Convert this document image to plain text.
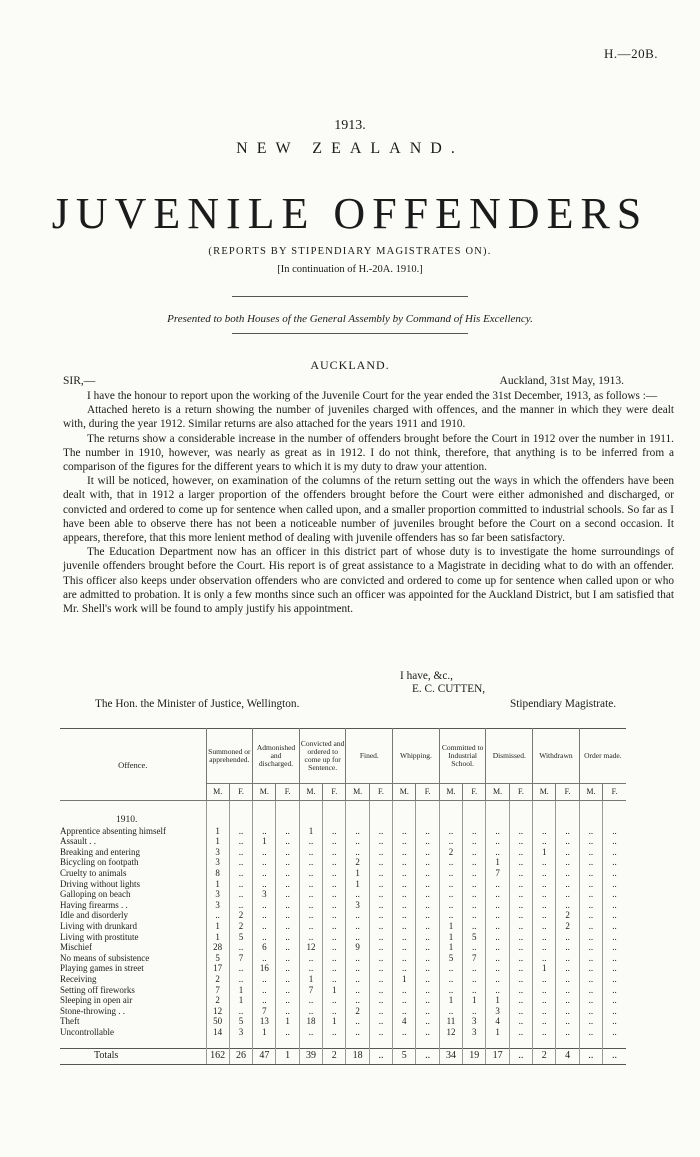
H.—20B.
1913.
NEW ZEALAND.
JUVENILE OFFENDERS
(REPORTS BY STIPENDIARY MAGISTRATES ON).
[In continuation of H.-20A. 1910.]
Presented to both Houses of the General Assembly by Command of His Excellency.
AUCKLAND.
SIR,—	Auckland, 31st May, 1913.

I have the honour to report upon the working of the Juvenile Court for the year ended the 31st December, 1913, as follows :—

Attached hereto is a return showing the number of juveniles charged with offences, and the manner in which they were dealt with, during the year 1912. Similar returns are also attached for the years 1911 and 1910.

The returns show a considerable increase in the number of offenders brought before the Court in 1912 over the number in 1911. The number in 1910, however, was nearly as great as in 1912. I do not think, therefore, that anything is to be inferred from a comparison of the figures for the different years to which it is my duty to draw your attention.

It will be noticed, however, on examination of the columns of the return setting out the ways in which the offenders have been dealt with, that in 1912 a larger proportion of the offenders brought before the Court were either admonished and discharged, or convicted and ordered to come up for sentence when called upon, and a smaller proportion committed to industrial schools. So far as I have been able to observe there has not been a noticeable number of juveniles brought before the Court on a second occasion. It appears, therefore, that this more lenient method of dealing with juvenile offenders has so far been satisfactory.

The Education Department now has an officer in this district part of whose duty is to investigate the home surroundings of juvenile offenders brought before the Court. His report is of great assistance to a Magistrate in deciding what to do with an offender. This officer also keeps under observation offenders who are convicted and ordered to come up for sentence when called upon or who are admitted to probation. It is only a few months since such an officer was appointed for the Auckland District, but I am satisfied that Mr. Shell's work will be found to amply justify his appointment.

I have, &c.,
E. C. CUTTEN,
The Hon. the Minister of Justice, Wellington.	Stipendiary Magistrate.
Offence.	Summoned or apprehended.		Admonished and discharged.		Convicted and ordered to come up for Sentence.		Fined.		Whipping.		Committed to Industrial School.		Dismissed.		Withdrawn		Order made.	
	M.	F.	M.	F.	M.	F.	M.	F.	M.	F.	M.	F.	M.	F.	M.	F.	M.	F.

1910.																		
Apprentice absenting himself	1	..	..	..	1	..	..	..	..	..	..	..	..	..	..	..	..	..
Assault . .	1	..	1	..	..	..	..	..	..	..	..	..	..	..	..	..	..	..
Breaking and entering	3	..	..	..	..	..	..	..	..	..	2	..	..	..	1	..	..	..
Bicycling on footpath	3	..	..	..	..	..	2	..	..	..	..	..	1	..	..	..	..	..
Cruelty to animals	8	..	..	..	..	..	1	..	..	..	..	..	7	..	..	..	..	..
Driving without lights	1	..	..	..	..	..	1	..	..	..	..	..	..	..	..	..	..	..
Galloping on beach	3	..	3	..	..	..	..	..	..	..	..	..	..	..	..	..	..	..
Having firearms . .	3	..	..	..	..	..	3	..	..	..	..	..	..	..	..	..	..	..
Idle and disorderly	..	2	..	..	..	..	..	..	..	..	..	..	..	..	..	2	..	..
Living with drunkard	1	2	..	..	..	..	..	..	..	..	1	..	..	..	..	2	..	..
Living with prostitute	1	5	..	..	..	..	..	..	..	..	1	5	..	..	..	..	..	..
Mischief	28	..	6	..	12	..	9	..	..	..	1	..	..	..	..	..	..	..
No means of subsistence	5	7	..	..	..	..	..	..	..	..	5	7	..	..	..	..	..	..
Playing games in street	17	..	16	..	..	..	..	..	..	..	..	..	..	..	1	..	..	..
Receiving	2	..	..	..	1	..	..	..	1	..	..	..	..	..	..	..	..	..
Setting off fireworks	7	1	..	..	7	1	..	..	..	..	..	..	..	..	..	..	..	..
Sleeping in open air	2	1	..	..	..	..	..	..	..	..	1	1	1	..	..	..	..	..
Stone-throwing . .	12	..	7	..	..	..	2	..	..	..	..	..	3	..	..	..	..	..
Theft	50	5	13	1	18	1	..	..	4	..	11	3	4	..	..	..	..	..
Uncontrollable	14	3	1	..	..	..	..	..	..	..	12	3	1	..	..	..	..	..

Totals	162	26	47	1	39	2	18	..	5	..	34	19	17	..	2	4	..	..
